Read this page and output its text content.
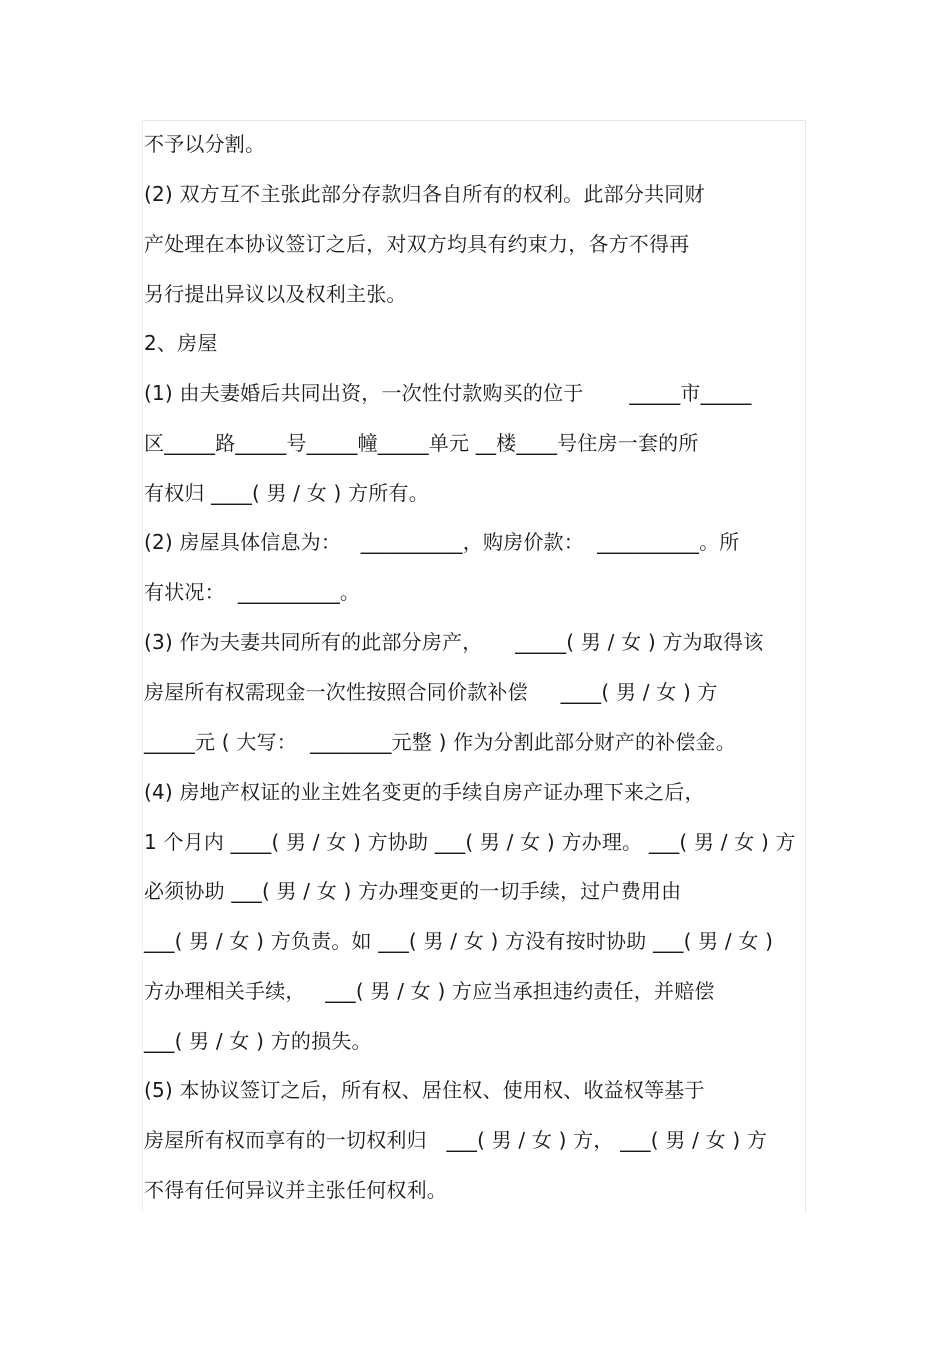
不予以分割。
(2) 双方互不主张此部分存款归各自所有的权利。此部分共同财
产处理在本协议签订之后，对双方均具有约束力，各方不得再
另行提出异议以及权利主张。
2、房屋
(1) 由夫妻婚后共同出资，一次性付款购买的位于       _____市_____
区_____路_____号_____幢_____单元 __楼____号住房一套的所
有权归 ____( 男 / 女 ) 方所有。
(2) 房屋具体信息为：   __________，购房价款：  __________。所
有状况：  __________。
(3) 作为夫妻共同所有的此部分房产，     _____( 男 / 女 ) 方为取得该
房屋所有权需现金一次性按照合同价款补偿     ____( 男 / 女 ) 方
_____元 ( 大写：  ________元整 ) 作为分割此部分财产的补偿金。
(4) 房地产权证的业主姓名变更的手续自房产证办理下来之后，
1 个月内 ____( 男 / 女 ) 方协助 ___( 男 / 女 ) 方办理。 ___( 男 / 女 ) 方
必须协助 ___( 男 / 女 ) 方办理变更的一切手续，过户费用由
___( 男 / 女 ) 方负责。如 ___( 男 / 女 ) 方没有按时协助 ___( 男 / 女 )
方办理相关手续，   ___( 男 / 女 ) 方应当承担违约责任，并赔偿
___( 男 / 女 ) 方的损失。
(5) 本协议签订之后，所有权、居住权、使用权、收益权等基于
房屋所有权而享有的一切权利归   ___( 男 / 女 ) 方， ___( 男 / 女 ) 方
不得有任何异议并主张任何权利。
